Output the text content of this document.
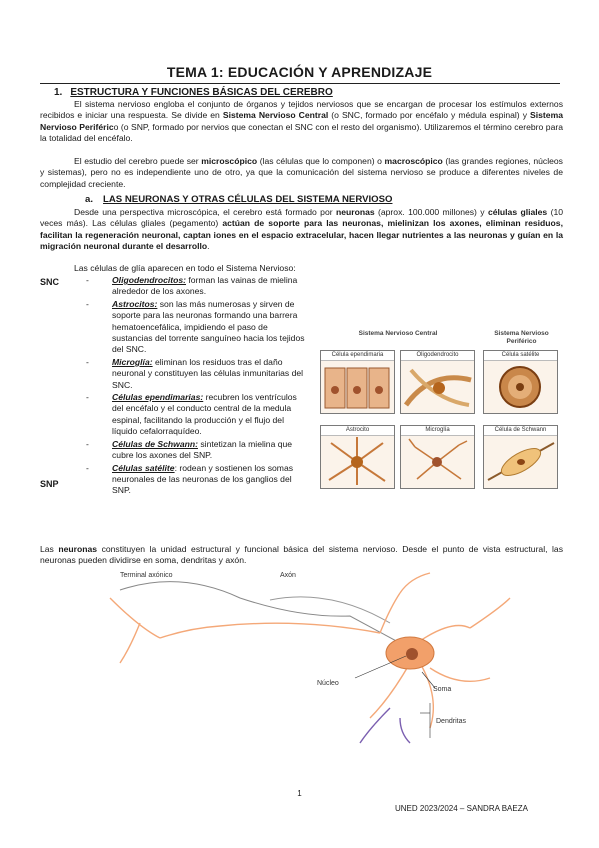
TEMA 1: EDUCACIÓN Y APRENDIZAJE
1. ESTRUCTURA Y FUNCIONES BÁSICAS DEL CEREBRO
El sistema nervioso engloba el conjunto de órganos y tejidos nerviosos que se encargan de procesar los estímulos externos recibidos e iniciar una respuesta. Se divide en Sistema Nervioso Central (o SNC, formado por encéfalo y médula espinal) y Sistema Nervioso Periférico (o SNP, formado por nervios que conectan el SNC con el resto del organismo). Utilizaremos el término cerebro para la totalidad del encéfalo.
El estudio del cerebro puede ser microscópico (las células que lo componen) o macroscópico (las grandes regiones, núcleos y sistemas), pero no es independiente uno de otro, ya que la comunicación del sistema nervioso se produce a diferentes niveles de complejidad creciente.
a. LAS NEURONAS Y OTRAS CÉLULAS DEL SISTEMA NERVIOSO
Desde una perspectiva microscópica, el cerebro está formado por neuronas (aprox. 100.000 millones) y células gliales (10 veces más). Las células gliales (pegamento) actúan de soporte para las neuronas, mielinizan los axones, eliminan residuos, facilitan la regeneración neuronal, captan iones en el espacio extracelular, hacen llegar nutrientes a las neuronas y guían en la migración neuronal durante el desarrollo.
Las células de glía aparecen en todo el Sistema Nervioso:
SNC
SNP
-	Oligodendrocitos: forman las vainas de mielina alrededor de los axones.
-	Astrocitos: son las más numerosas y sirven de soporte para las neuronas formando una barrera hematoencefálica, impidiendo el paso de sustancias del torrente sanguíneo hacia los tejidos del SNC.
-	Microglía: eliminan los residuos tras el daño neuronal y constituyen las células inmunitarias del SNC.
-	Células ependimarias: recubren los ventrículos del encéfalo y el conducto central de la medula espinal, facilitando la producción y el flujo del líquido cefalorraquídeo.
-	Células de Schwann: sintetizan la mielina que cubre los axones del SNP.
-	Células satélite: rodean y sostienen los somas neuronales de las neuronas de los ganglios del SNP.
Sistema Nervioso Central	Sistema Nervioso Periférico
Célula ependimaria	Oligodendrocito	Célula satélite
Astrocito	Microglía	Célula de Schwann
Las neuronas constituyen la unidad estructural y funcional básica del sistema nervioso. Desde el punto de vista estructural, las neuronas pueden dividirse en soma, dendritas y axón.
Terminal axónico	Axón
Núcleo
Soma
Dendritas
1
UNED 2023/2024 – SANDRA BAEZA
